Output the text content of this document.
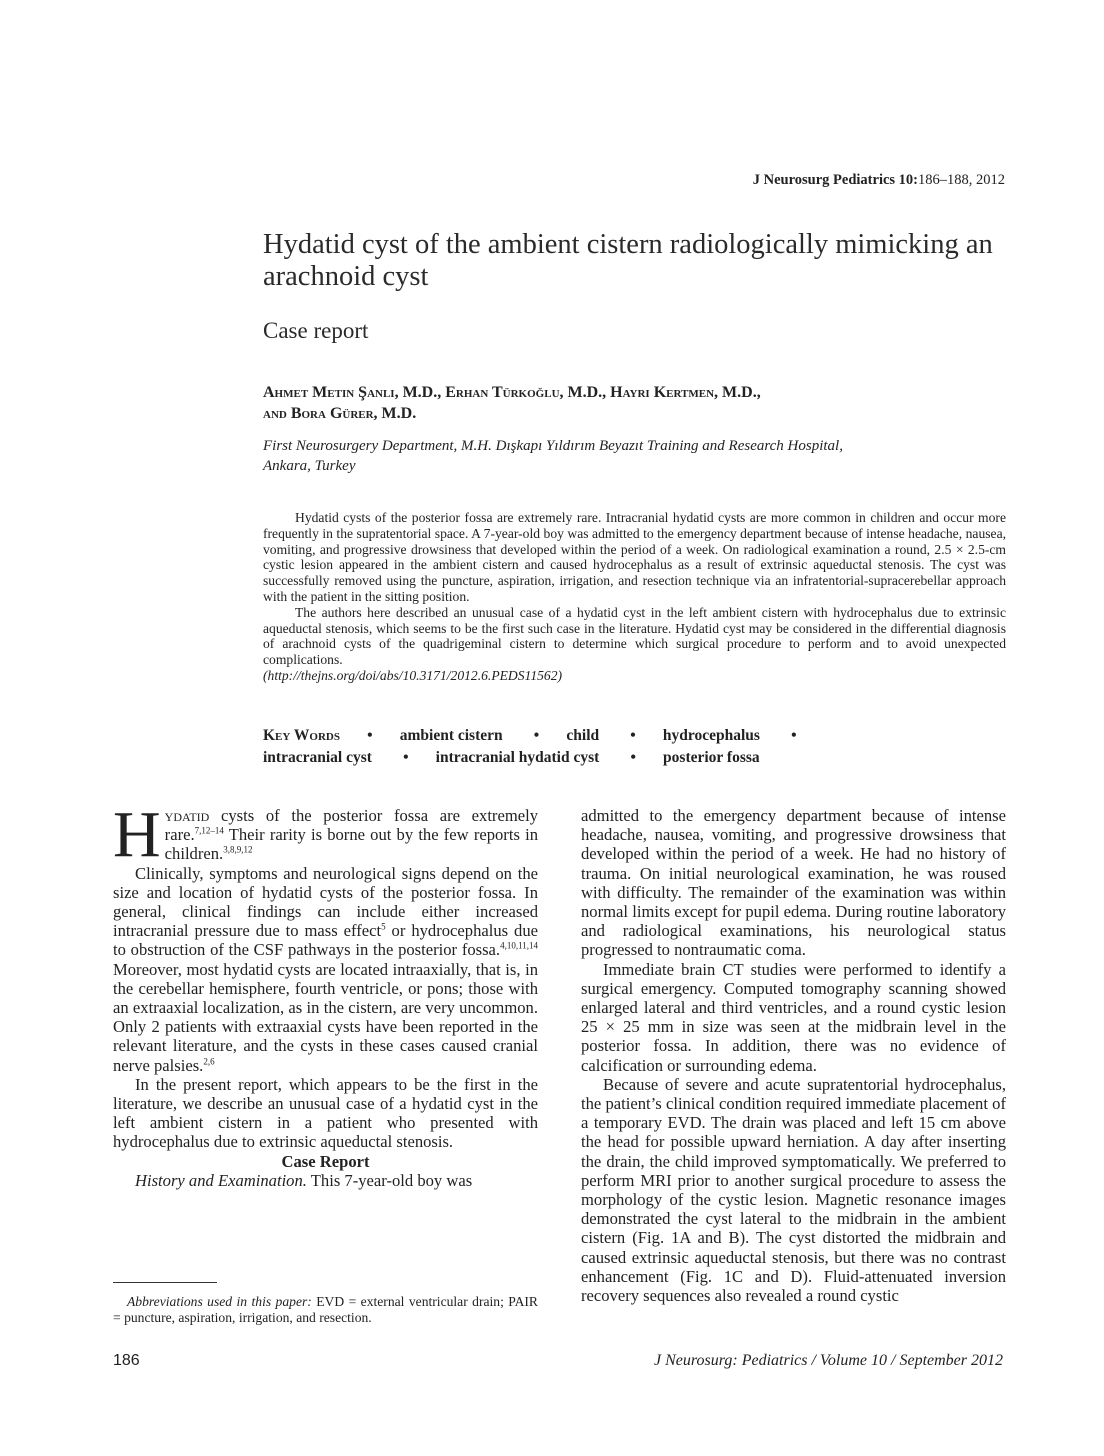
J Neurosurg Pediatrics 10:186–188, 2012
Hydatid cyst of the ambient cistern radiologically mimicking an arachnoid cyst
Case report
Ahmet Metin Şanlı, M.D., Erhan Türkoğlu, M.D., Hayri Kertmen, M.D.,
and Bora Gürer, M.D.
First Neurosurgery Department, M.H. Dışkapı Yıldırım Beyazıt Training and Research Hospital,
Ankara, Turkey

Hydatid cysts of the posterior fossa are extremely rare. Intracranial hydatid cysts are more common in children and occur more frequently in the supratentorial space. A 7-year-old boy was admitted to the emergency department because of intense headache, nausea, vomiting, and progressive drowsiness that developed within the period of a week. On radiological examination a round, 2.5 × 2.5-cm cystic lesion appeared in the ambient cistern and caused hydrocephalus as a result of extrinsic aqueductal stenosis. The cyst was successfully removed using the puncture, aspiration, irrigation, and resection technique via an infratentorial-supracerebellar approach with the patient in the sitting position.

The authors here described an unusual case of a hydatid cyst in the left ambient cistern with hydrocephalus due to extrinsic aqueductal stenosis, which seems to be the first such case in the literature. Hydatid cyst may be considered in the differential diagnosis of arachnoid cysts of the quadrigeminal cistern to determine which surgical procedure to perform and to avoid unexpected complications.

(http://thejns.org/doi/abs/10.3171/2012.6.PEDS11562)

Key Words • ambient cistern • child • hydrocephalus •
intracranial cyst • intracranial hydatid cyst • posterior fossa

Hydatid cysts of the posterior fossa are extremely rare.$^{7,12-14}$ Their rarity is borne out by the few reports in children.$^{3,8,9,12}$

Clinically, symptoms and neurological signs depend on the size and location of hydatid cysts of the posterior fossa. In general, clinical findings can include either increased intracranial pressure due to mass effect$^5$ or hydrocephalus due to obstruction of the CSF pathways in the posterior fossa.$^{4,10,11,14}$ Moreover, most hydatid cysts are located intraaxially, that is, in the cerebellar hemisphere, fourth ventricle, or pons; those with an extraaxial localization, as in the cistern, are very uncommon. Only 2 patients with extraaxial cysts have been reported in the relevant literature, and the cysts in these cases caused cranial nerve palsies.$^{2,6}$

In the present report, which appears to be the first in the literature, we describe an unusual case of a hydatid cyst in the left ambient cistern in a patient who presented with hydrocephalus due to extrinsic aqueductal stenosis.

Case Report

History and Examination. This 7-year-old boy was

admitted to the emergency department because of intense headache, nausea, vomiting, and progressive drowsiness that developed within the period of a week. He had no history of trauma. On initial neurological examination, he was roused with difficulty. The remainder of the examination was within normal limits except for pupil edema. During routine laboratory and radiological examinations, his neurological status progressed to nontraumatic coma.

Immediate brain CT studies were performed to identify a surgical emergency. Computed tomography scanning showed enlarged lateral and third ventricles, and a round cystic lesion 25 × 25 mm in size was seen at the midbrain level in the posterior fossa. In addition, there was no evidence of calcification or surrounding edema.

Because of severe and acute supratentorial hydrocephalus, the patient’s clinical condition required immediate placement of a temporary EVD. The drain was placed and left 15 cm above the head for possible upward herniation. A day after inserting the drain, the child improved symptomatically. We preferred to perform MRI prior to another surgical procedure to assess the morphology of the cystic lesion. Magnetic resonance images demonstrated the cyst lateral to the midbrain in the ambient cistern (Fig. 1A and B). The cyst distorted the midbrain and caused extrinsic aqueductal stenosis, but there was no contrast enhancement (Fig. 1C and D). Fluid-attenuated inversion recovery sequences also revealed a round cystic

Abbreviations used in this paper: EVD = external ventricular drain; PAIR = puncture, aspiration, irrigation, and resection.

186	J Neurosurg: Pediatrics / Volume 10 / September 2012
